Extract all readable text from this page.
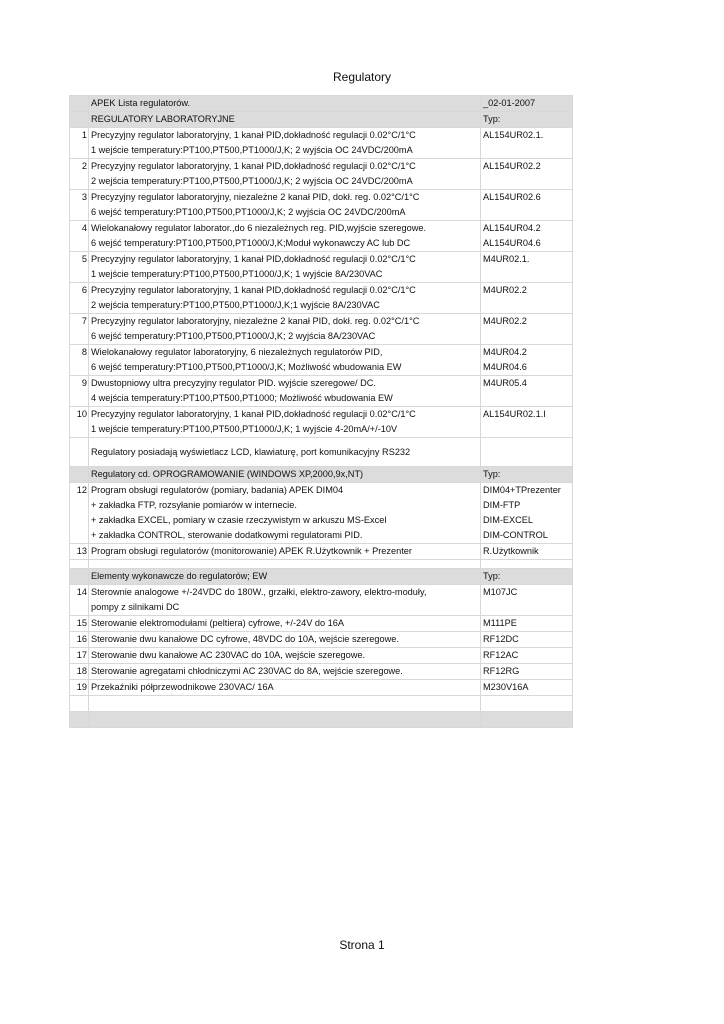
Regulatory
	APEK Lista regulatorów.	_02-01-2007
	REGULATORY LABORATORYJNE	Typ:
1	Precyzyjny regulator laboratoryjny, 1 kanał PID,dokładność regulacji 0.02°C/1°C	AL154UR02.1.
	1 wejście temperatury:PT100,PT500,PT1000/J,K; 2 wyjścia OC 24VDC/200mA	
2	Precyzyjny regulator laboratoryjny, 1 kanał PID,dokładność regulacji 0.02°C/1°C	AL154UR02.2
	2 wejścia temperatury:PT100,PT500,PT1000/J,K; 2 wyjścia OC 24VDC/200mA	
3	Precyzyjny regulator laboratoryjny, niezależne 2 kanał PID, dokł. reg. 0.02°C/1°C	AL154UR02.6
	6 wejść temperatury:PT100,PT500,PT1000/J,K; 2 wyjścia OC 24VDC/200mA	
4	Wielokanałowy regulator laborator.,do 6 niezależnych reg. PID,wyjście szeregowe.	AL154UR04.2
	6 wejść temperatury:PT100,PT500,PT1000/J,K;Moduł wykonawczy AC lub DC	AL154UR04.6
5	Precyzyjny regulator laboratoryjny, 1 kanał PID,dokładność regulacji 0.02°C/1°C	M4UR02.1.
	1 wejście temperatury:PT100,PT500,PT1000/J,K; 1 wyjście 8A/230VAC	
6	Precyzyjny regulator laboratoryjny, 1 kanał PID,dokładność regulacji 0.02°C/1°C	M4UR02.2
	2 wejścia temperatury:PT100,PT500,PT1000/J,K;1 wyjście 8A/230VAC	
7	Precyzyjny regulator laboratoryjny, niezależne 2 kanał PID, dokł. reg. 0.02°C/1°C	M4UR02.2
	6 wejść temperatury:PT100,PT500,PT1000/J,K; 2 wyjścia 8A/230VAC	
8	Wielokanałowy regulator laboratoryjny, 6 niezależnych regulatorów PID,	M4UR04.2
	6 wejść temperatury:PT100,PT500,PT1000/J,K; Możliwość wbudowania EW	M4UR04.6
9	Dwustopniowy ultra precyzyjny regulator PID. wyjście szeregowe/ DC.	M4UR05.4
	4 wejścia temperatury:PT100,PT500,PT1000; Możliwość wbudowania EW	
10	Precyzyjny regulator laboratoryjny, 1 kanał PID,dokładność regulacji 0.02°C/1°C	AL154UR02.1.I
	1 wejście temperatury:PT100,PT500,PT1000/J,K; 1 wyjście 4-20mA/+/-10V	
	Regulatory posiadają wyświetlacz LCD, klawiaturę, port komunikacyjny RS232	
	Regulatory cd. OPROGRAMOWANIE (WINDOWS XP,2000,9x,NT)	Typ:
12	Program obsługi regulatorów (pomiary, badania) APEK DIM04	DIM04+TPrezenter
	+ zakładka FTP, rozsyłanie pomiarów w internecie.	DIM-FTP
	+ zakładka EXCEL, pomiary w czasie rzeczywistym w arkuszu MS-Excel	DIM-EXCEL
	+ zakładka CONTROL, sterowanie dodatkowymi regulatorami PID.	DIM-CONTROL
13	Program obsługi regulatorów (monitorowanie) APEK R.Użytkownik + Prezenter	R.Użytkownik

	Elementy wykonawcze do regulatorów; EW	Typ:
14	Sterownie analogowe +/-24VDC do 180W., grzałki, elektro-zawory, elektro-moduły,	M107JC
	pompy z silnikami DC	
15	Sterowanie elektromodułami (peltiera) cyfrowe, +/-24V do 16A	M111PE
16	Sterowanie dwu kanałowe DC cyfrowe, 48VDC do 10A, wejście szeregowe.	RF12DC
17	Sterowanie dwu kanałowe AC 230VAC do 10A, wejście szeregowe.	RF12AC
18	Sterowanie agregatami chłodniczymi AC 230VAC do 8A, wejście szeregowe.	RF12RG
19	Przekaźniki półprzewodnikowe 230VAC/ 16A	M230V16A

Strona 1
